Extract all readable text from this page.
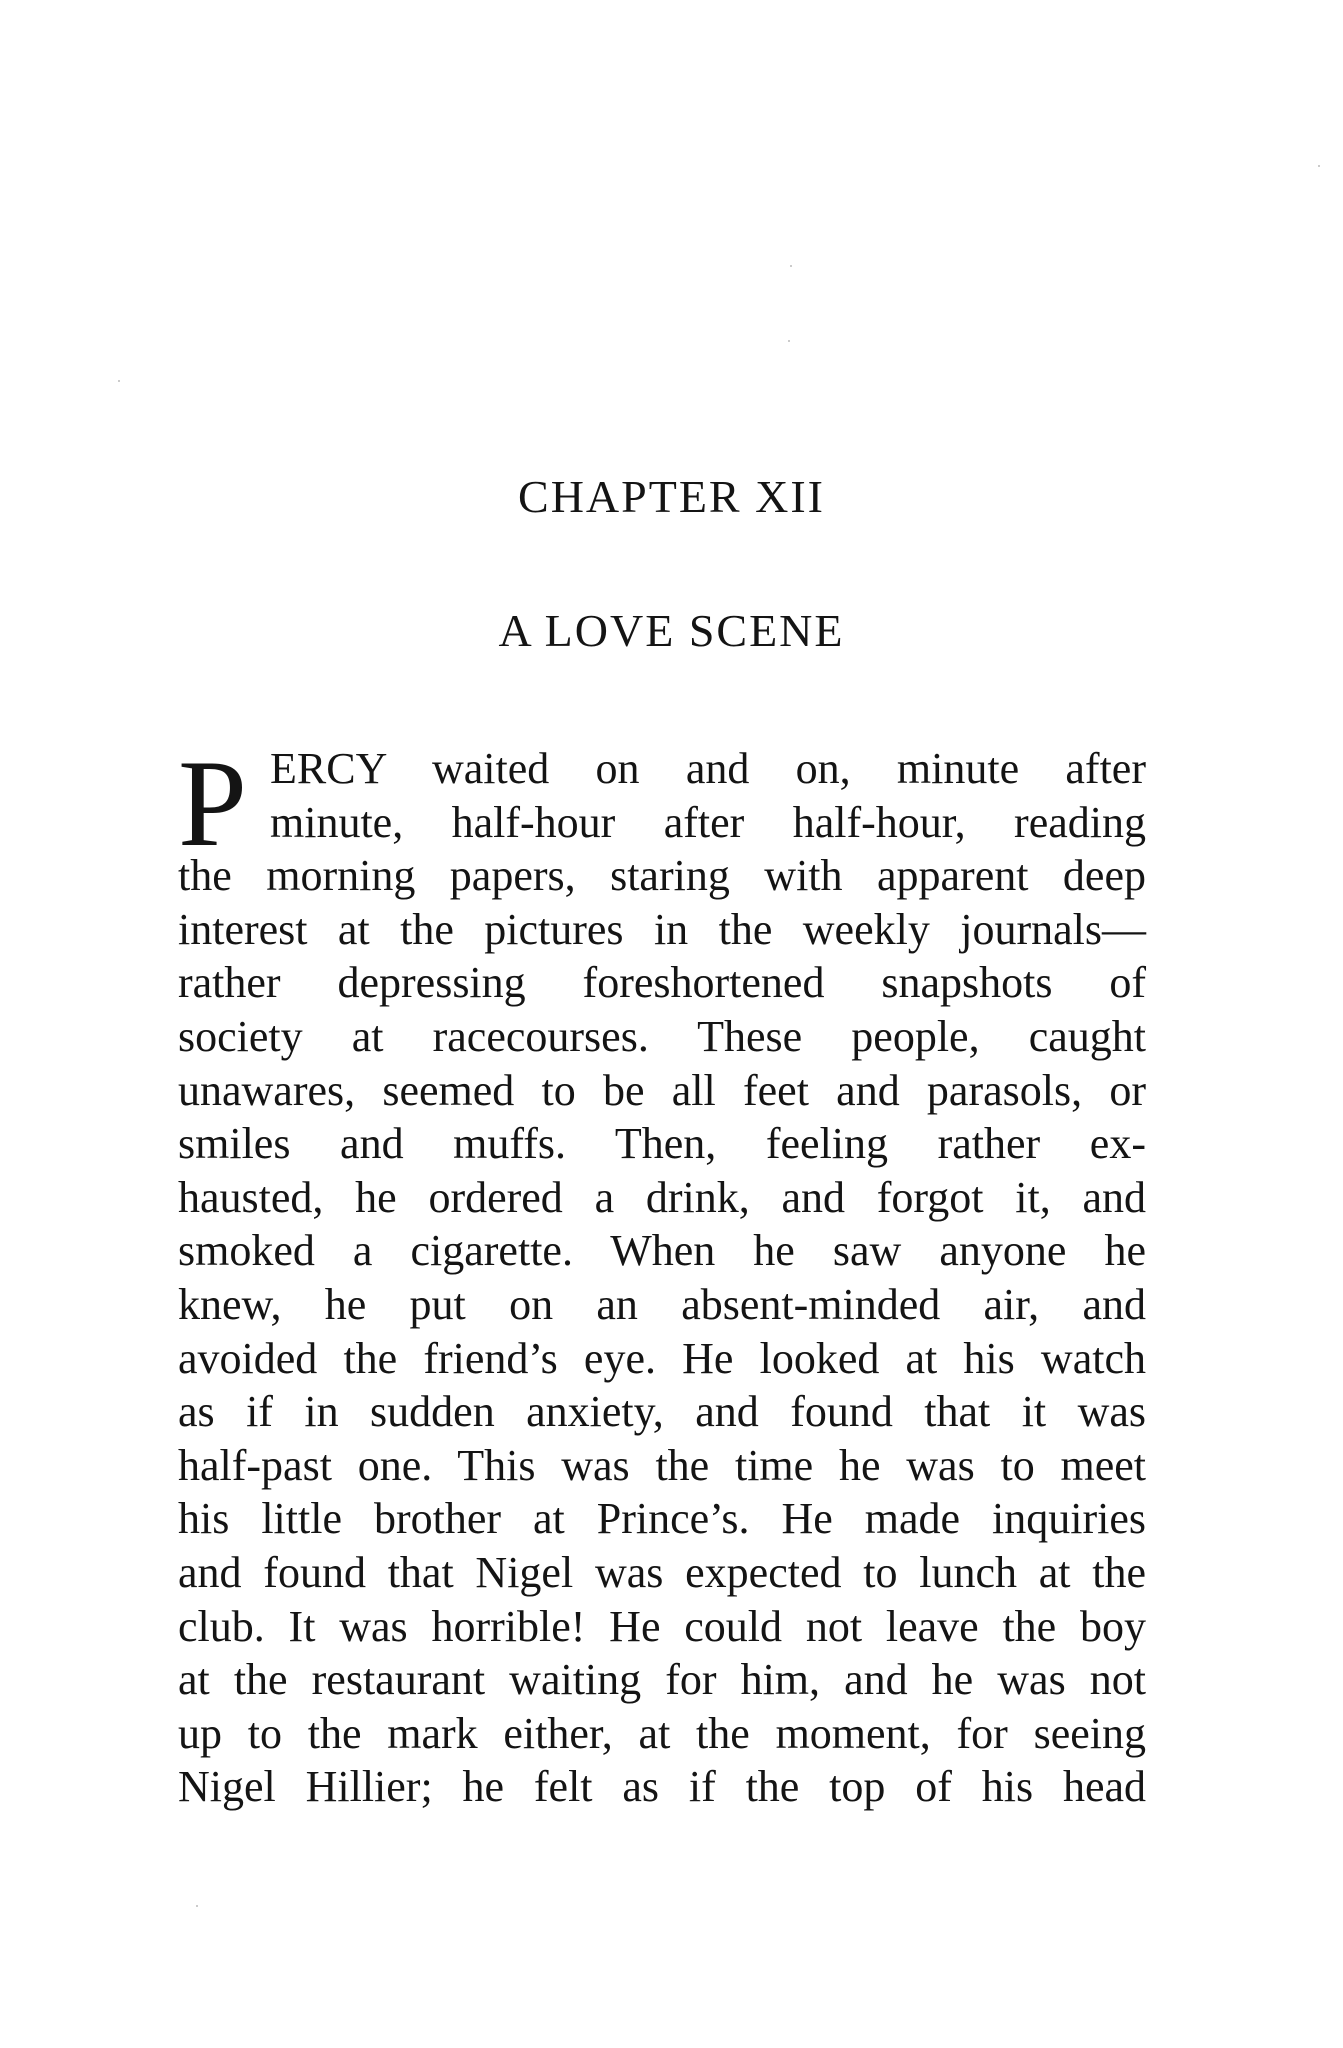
CHAPTER XII
A LOVE SCENE
P ERCY waited on and on, minute after
minute, half-hour after half-hour, reading
the morning papers, staring with apparent deep
interest at the pictures in the weekly journals—
rather depressing foreshortened snapshots of
society at racecourses. These people, caught
unawares, seemed to be all feet and parasols, or
smiles and muffs. Then, feeling rather ex-
hausted, he ordered a drink, and forgot it, and
smoked a cigarette. When he saw anyone he
knew, he put on an absent-minded air, and
avoided the friend’s eye. He looked at his watch
as if in sudden anxiety, and found that it was
half-past one. This was the time he was to meet
his little brother at Prince’s. He made inquiries
and found that Nigel was expected to lunch at the
club. It was horrible! He could not leave the boy
at the restaurant waiting for him, and he was not
up to the mark either, at the moment, for seeing
Nigel Hillier; he felt as if the top of his head
